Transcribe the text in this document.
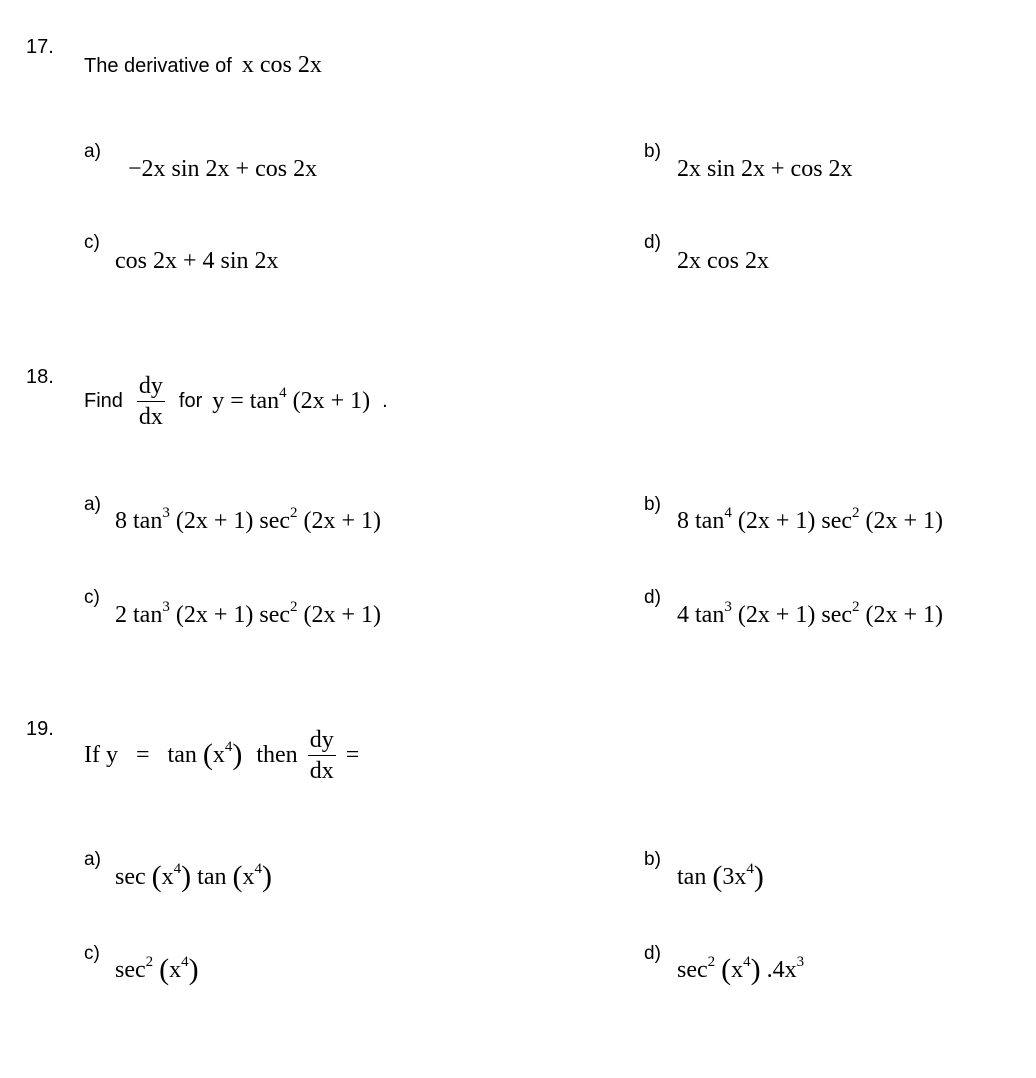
17.
The derivative of x cos 2x
a)
−2x sin 2x + cos 2x
b)
2x sin 2x + cos 2x
c)
cos 2x + 4 sin 2x
d)
2x cos 2x
18.
Find $\frac{dy}{dx}$ for $y = \tan^4 (2x + 1)$ .
a)
8 $\tan^3 (2x + 1)$ $\sec^2 (2x + 1)$
b)
8 $\tan^4 (2x + 1)$ $\sec^2 (2x + 1)$
c)
2 $\tan^3 (2x + 1)$ $\sec^2 (2x + 1)$
d)
4 $\tan^3 (2x + 1)$ $\sec^2 (2x + 1)$
19.
If $y = \tan (x^4)$ then $\frac{dy}{dx}$ =
a)
$\sec (x^4)$ $\tan (x^4)$
b)
$\tan (3x^4)$
c)
$\sec^2 (x^4)$	d)
$\sec^2 (x^4)$ $.4x^3$
